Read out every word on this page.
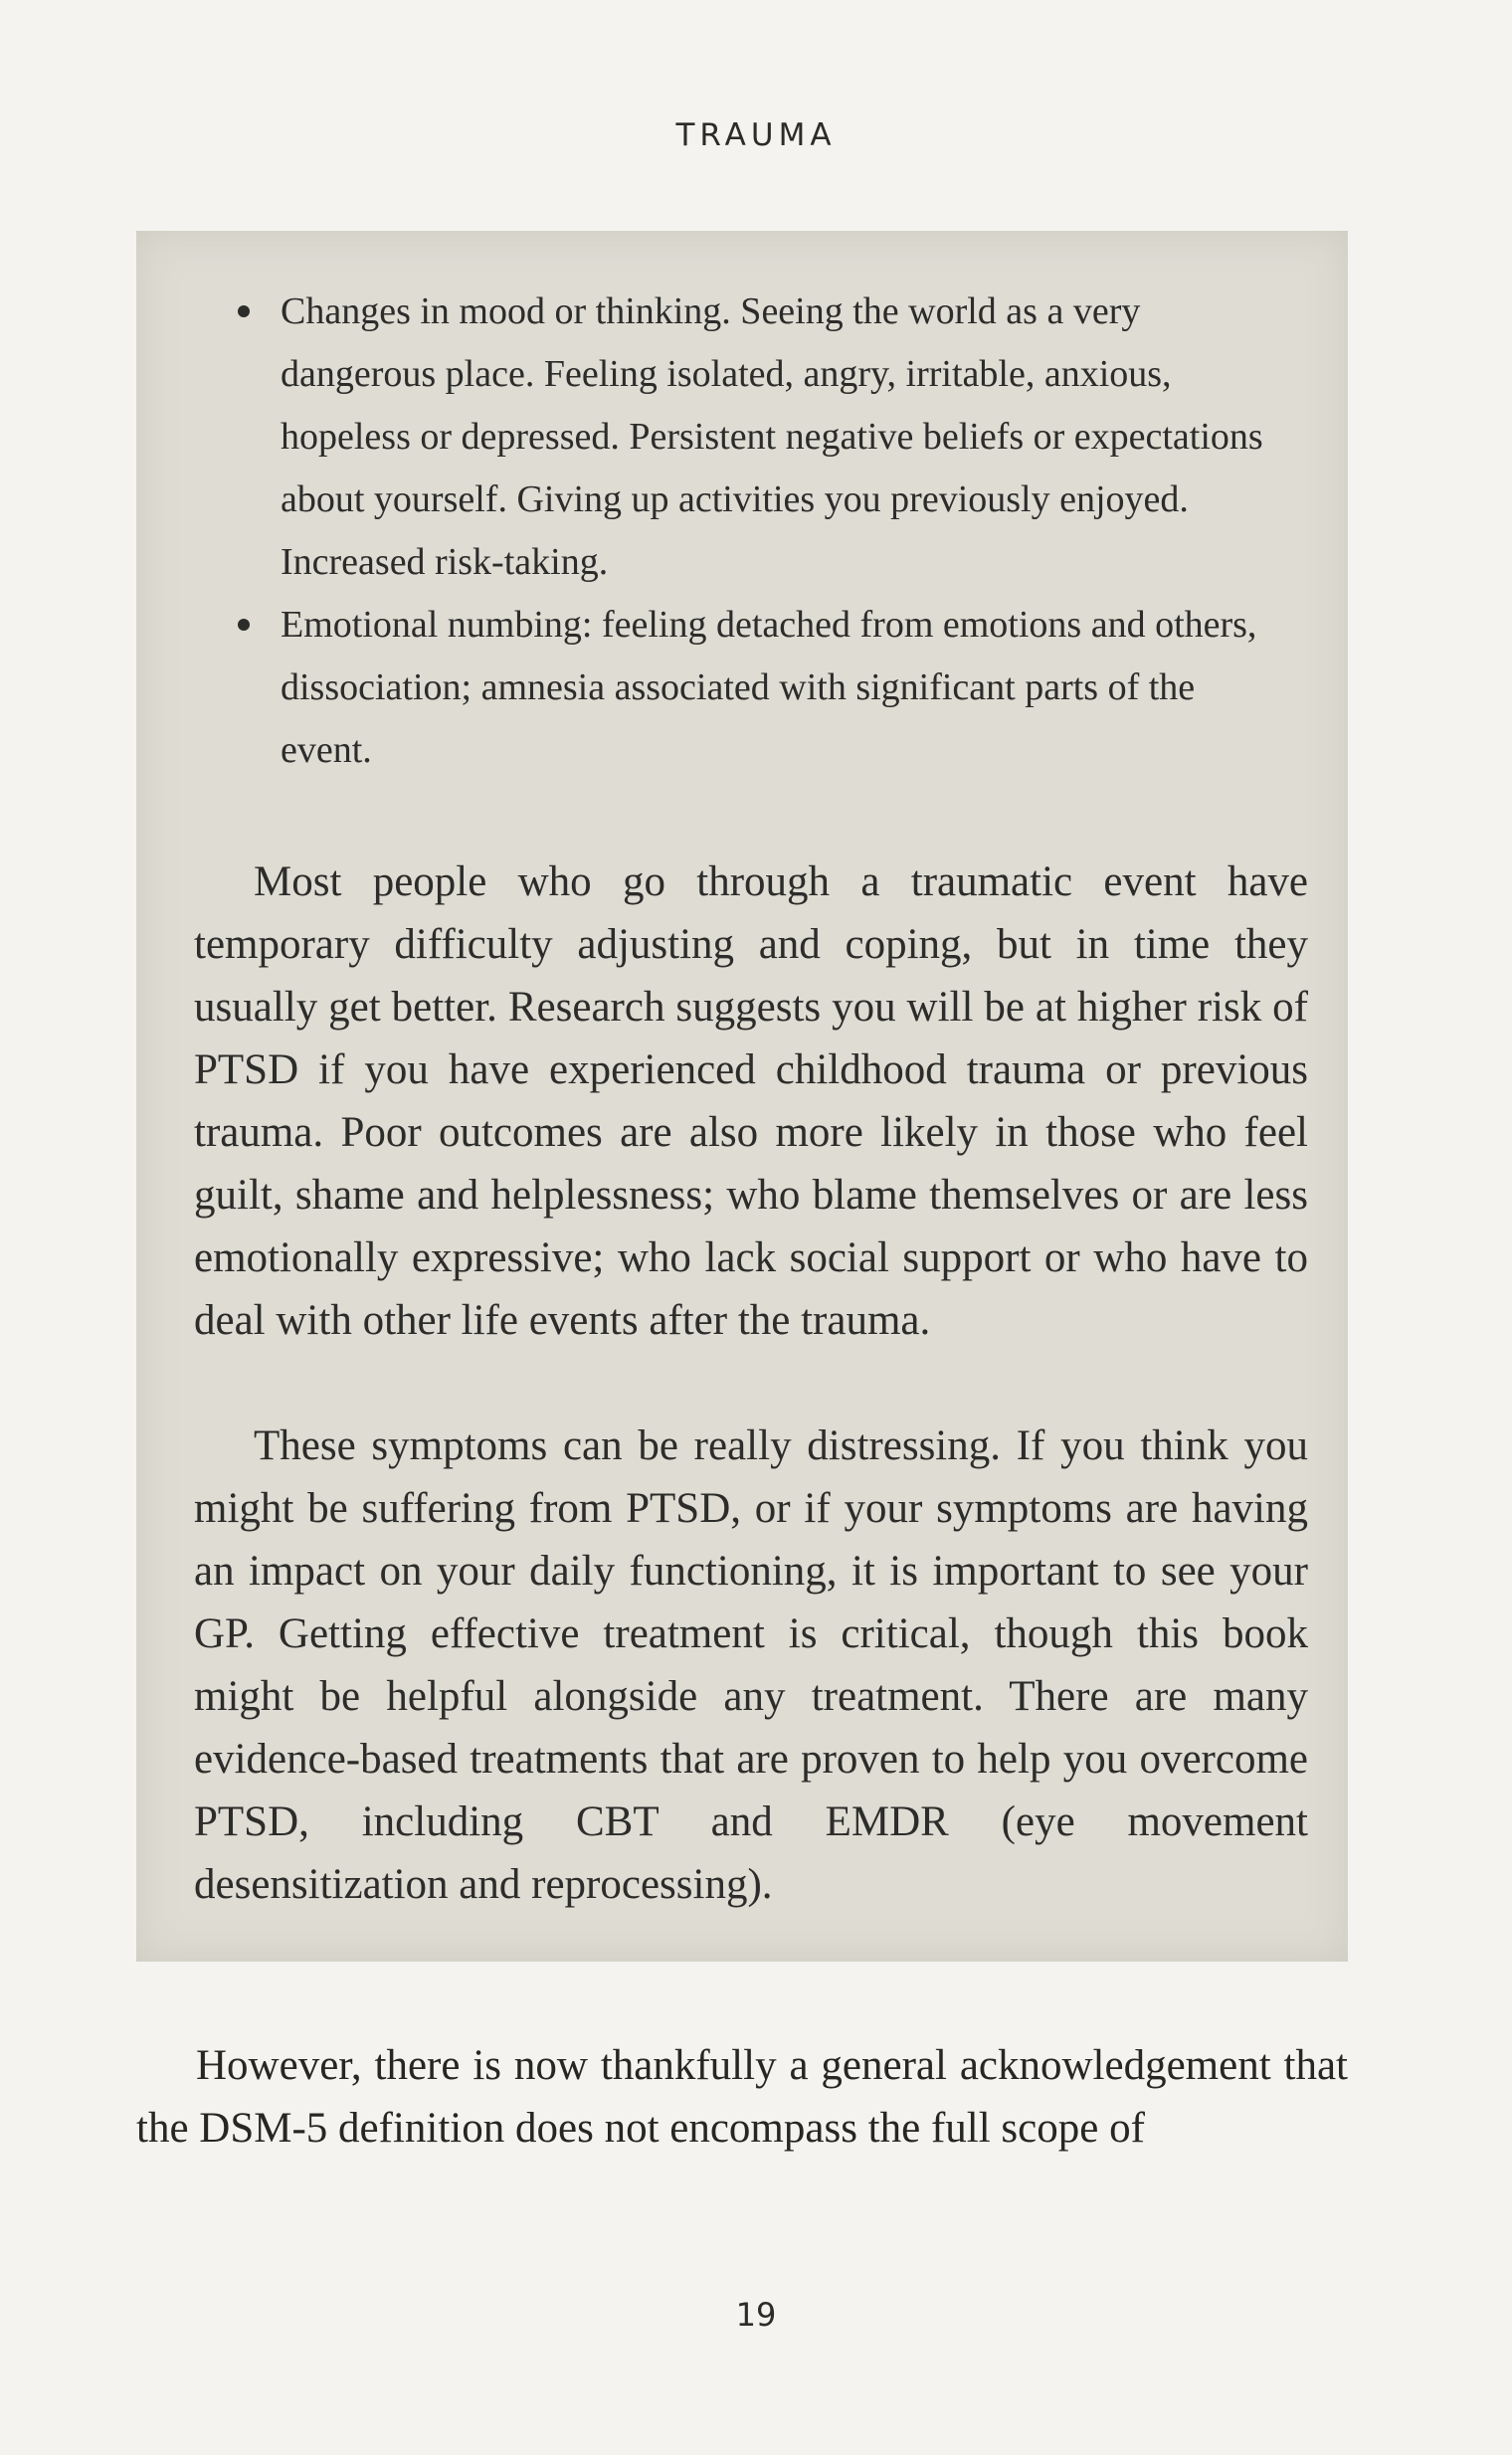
TRAUMA
Changes in mood or thinking. Seeing the world as a very dangerous place. Feeling isolated, angry, irritable, anxious, hopeless or depressed. Persistent negative beliefs or expectations about yourself. Giving up activities you previously enjoyed. Increased risk-taking.
Emotional numbing: feeling detached from emotions and others, dissociation; amnesia associated with significant parts of the event.

Most people who go through a traumatic event have temporary difficulty adjusting and coping, but in time they usually get better. Research suggests you will be at higher risk of PTSD if you have experienced childhood trauma or previous trauma. Poor outcomes are also more likely in those who feel guilt, shame and helplessness; who blame themselves or are less emotionally expressive; who lack social support or who have to deal with other life events after the trauma.

These symptoms can be really distressing. If you think you might be suffering from PTSD, or if your symptoms are having an impact on your daily functioning, it is important to see your GP. Getting effective treatment is critical, though this book might be helpful alongside any treatment. There are many evidence-based treatments that are proven to help you overcome PTSD, including CBT and EMDR (eye movement desensitization and reprocessing).

However, there is now thankfully a general acknowledgement that the DSM-5 definition does not encompass the full scope of

19
